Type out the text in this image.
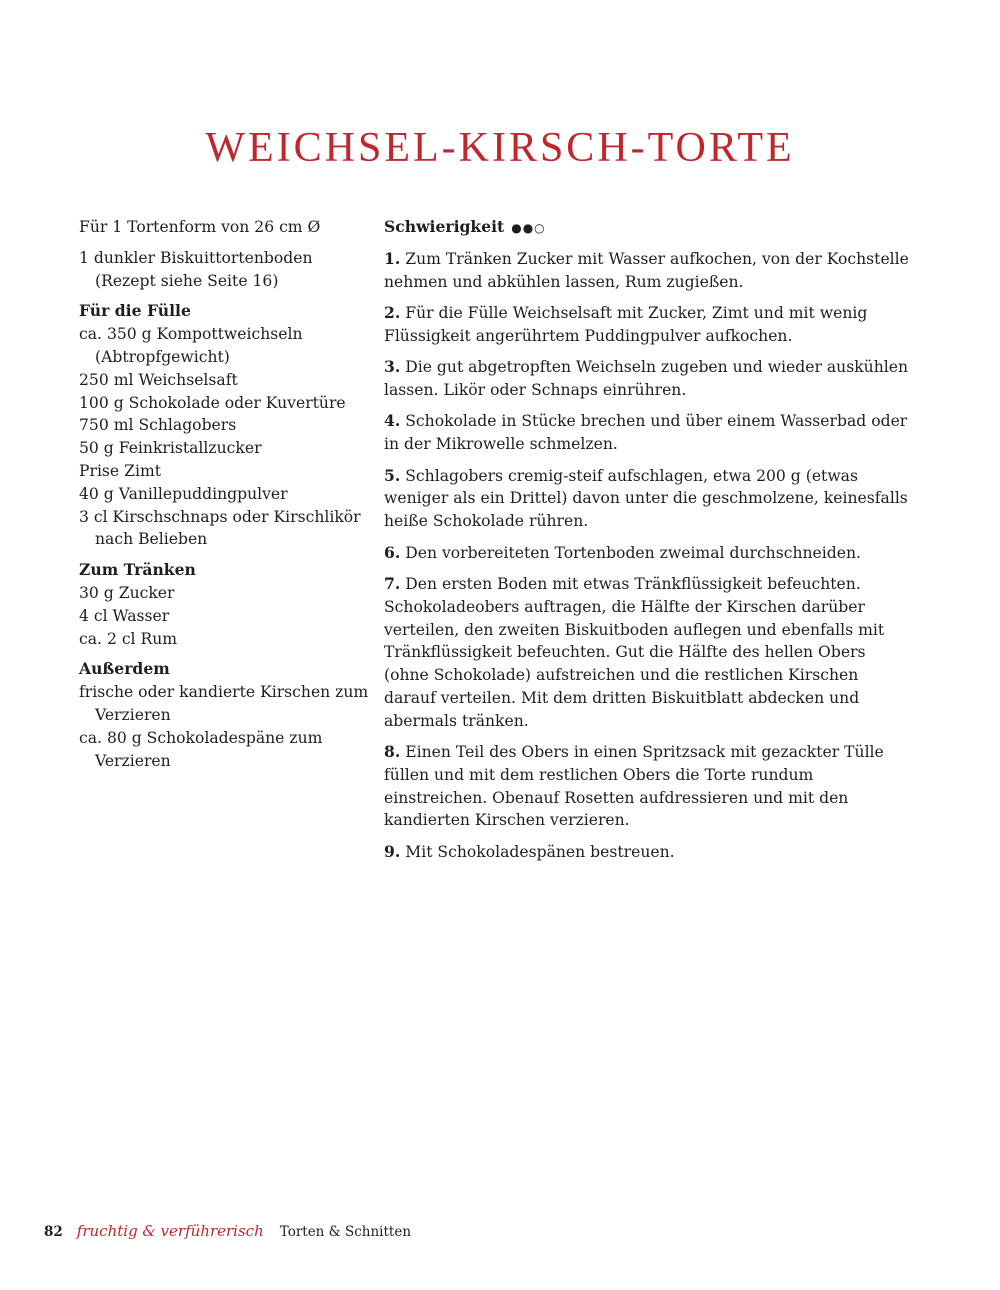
WEICHSEL-KIRSCH-TORTE
Für 1 Tortenform von 26 cm Ø
1 dunkler Biskuittortenboden (Rezept siehe Seite 16)
Für die Fülle
ca. 350 g Kompottweichseln (Abtropfgewicht)
250 ml Weichselsaft
100 g Schokolade oder Kuvertüre
750 ml Schlagobers
50 g Feinkristallzucker
Prise Zimt
40 g Vanillepuddingpulver
3 cl Kirschschnaps oder Kirschlikör nach Belieben
Zum Tränken
30 g Zucker
4 cl Wasser
ca. 2 cl Rum
Außerdem
frische oder kandierte Kirschen zum Verzieren
ca. 80 g Schokoladespäne zum Verzieren
Schwierigkeit ●●○
1. Zum Tränken Zucker mit Wasser aufkochen, von der Kochstelle nehmen und abkühlen lassen, Rum zugießen.
2. Für die Fülle Weichselsaft mit Zucker, Zimt und mit wenig Flüssigkeit angerührtem Puddingpulver aufkochen.
3. Die gut abgetropften Weichseln zugeben und wieder auskühlen lassen. Likör oder Schnaps einrühren.
4. Schokolade in Stücke brechen und über einem Wasserbad oder in der Mikrowelle schmelzen.
5. Schlagobers cremig-steif aufschlagen, etwa 200 g (etwas weniger als ein Drittel) davon unter die geschmolzene, keinesfalls heiße Schokolade rühren.
6. Den vorbereiteten Tortenboden zweimal durchschneiden.
7. Den ersten Boden mit etwas Tränkflüssigkeit befeuchten. Schokoladeobers auftragen, die Hälfte der Kirschen darüber verteilen, den zweiten Biskuitboden auflegen und ebenfalls mit Tränkflüssigkeit befeuchten. Gut die Hälfte des hellen Obers (ohne Schokolade) aufstreichen und die restlichen Kirschen darauf verteilen. Mit dem dritten Biskuitblatt abdecken und abermals tränken.
8. Einen Teil des Obers in einen Spritzsack mit gezackter Tülle füllen und mit dem restlichen Obers die Torte rundum einstreichen. Obenauf Rosetten aufdressieren und mit den kandierten Kirschen verzieren.
9. Mit Schokoladespänen bestreuen.
82 fruchtig & verführerisch Torten & Schnitten
